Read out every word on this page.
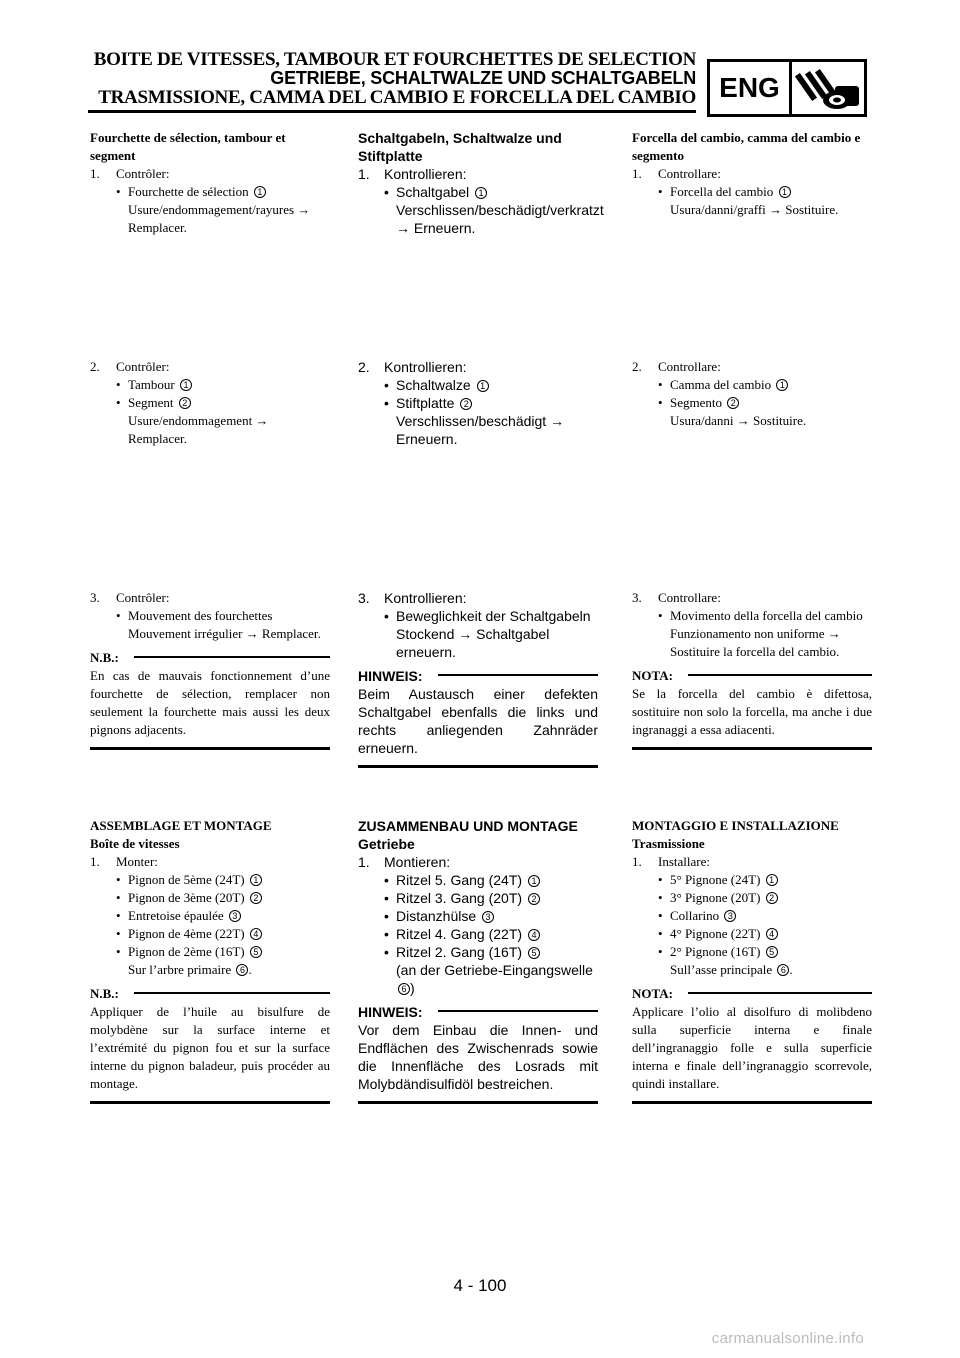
BOITE DE VITESSES, TAMBOUR ET FOURCHETTES DE SELECTION
GETRIEBE, SCHALTWALZE UND SCHALTGABELN
TRASMISSIONE, CAMMA DEL CAMBIO E FORCELLA DEL CAMBIO ENG
Fourchette de sélection, tambour et segment
1. Contrôler:
• Fourchette de sélection 1
Usure/endommagement/rayures → Remplacer.
2. Contrôler:
• Tambour 1
• Segment 2
Usure/endommagement → Remplacer.
3. Contrôler:
• Mouvement des fourchettes
Mouvement irrégulier → Remplacer.
N.B.:
En cas de mauvais fonctionnement d’une fourchette de sélection, remplacer non seulement la fourchette mais aussi les deux pignons adjacents.
ASSEMBLAGE ET MONTAGE
Boîte de vitesses
1. Monter:
• Pignon de 5ème (24T) 1
• Pignon de 3ème (20T) 2
• Entretoise épaulée 3
• Pignon de 4ème (22T) 4
• Pignon de 2ème (16T) 5
Sur l’arbre primaire 6 .
N.B.:
Appliquer de l’huile au bisulfure de molybdène sur la surface interne et l’extrémité du pignon fou et sur la surface interne du pignon baladeur, puis procéder au montage.
Schaltgabeln, Schaltwalze und Stiftplatte
1. Kontrollieren:
• Schaltgabel 1
Verschlissen/beschädigt/verkratzt → Erneuern.
2. Kontrollieren:
• Schaltwalze 1
• Stiftplatte 2
Verschlissen/beschädigt → Erneuern.
3. Kontrollieren:
• Beweglichkeit der Schaltgabeln
Stockend → Schaltgabel erneuern.
HINWEIS:
Beim Austausch einer defekten Schaltgabel ebenfalls die links und rechts anliegenden Zahnräder erneuern.
ZUSAMMENBAU UND MONTAGE
Getriebe
1. Montieren:
• Ritzel 5. Gang (24T) 1
• Ritzel 3. Gang (20T) 2
• Distanzhülse 3
• Ritzel 4. Gang (22T) 4
• Ritzel 2. Gang (16T) 5
(an der Getriebe-Eingangswelle 6 )
HINWEIS:
Vor dem Einbau die Innen- und Endflächen des Zwischenrads sowie die Innenfläche des Losrads mit Molybdändisulfidöl bestreichen.
Forcella del cambio, camma del cambio e segmento
1. Controllare:
• Forcella del cambio 1
Usura/danni/graffi → Sostituire.
2. Controllare:
• Camma del cambio 1
• Segmento 2
Usura/danni → Sostituire.
3. Controllare:
• Movimento della forcella del cambio
Funzionamento non uniforme → Sostituire la forcella del cambio.
NOTA:
Se la forcella del cambio è difettosa, sostituire non solo la forcella, ma anche i due ingranaggi a essa adiacenti.
MONTAGGIO E INSTALLAZIONE
Trasmissione
1. Installare:
• 5° Pignone (24T) 1
• 3° Pignone (20T) 2
• Collarino 3
• 4° Pignone (22T) 4
• 2° Pignone (16T) 5
Sull’asse principale 6 .
NOTA:
Applicare l’olio al disolfuro di molibdeno sulla superficie interna e finale dell’ingranaggio folle e sulla superficie interna e finale dell’ingranaggio scorrevole, quindi installare.
4 - 100
carmanualsonline.info
